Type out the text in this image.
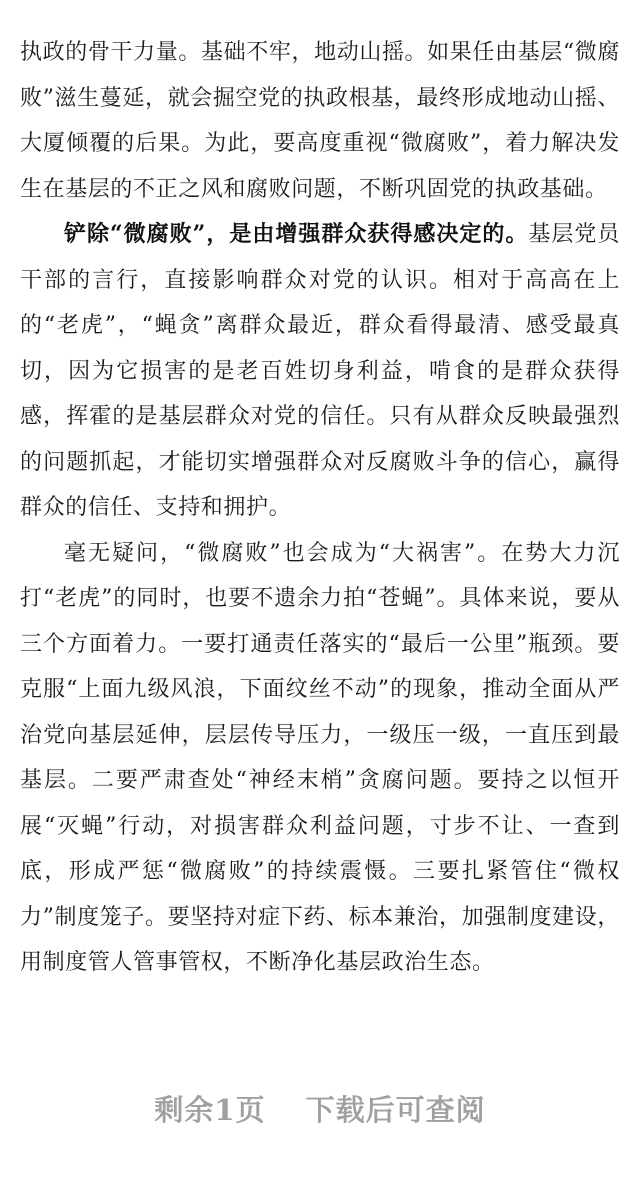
执政的骨干力量。基础不牢，地动山摇。如果任由基层“微腐败”滋生蔓延，就会掘空党的执政根基，最终形成地动山摇、大厦倾覆的后果。为此，要高度重视“微腐败”，着力解决发生在基层的不正之风和腐败问题，不断巩固党的执政基础。

铲除“微腐败”，是由增强群众获得感决定的。基层党员干部的言行，直接影响群众对党的认识。相对于高高在上的“老虎”，“蝇贪”离群众最近，群众看得最清、感受最真切，因为它损害的是老百姓切身利益，啃食的是群众获得感，挥霍的是基层群众对党的信任。只有从群众反映最强烈的问题抓起，才能切实增强群众对反腐败斗争的信心，赢得群众的信任、支持和拥护。

毫无疑问，“微腐败”也会成为“大祸害”。在势大力沉打“老虎”的同时，也要不遗余力拍“苍蝇”。具体来说，要从三个方面着力。一要打通责任落实的“最后一公里”瓶颈。要克服“上面九级风浪，下面纹丝不动”的现象，推动全面从严治党向基层延伸，层层传导压力，一级压一级，一直压到最基层。二要严肃查处“神经末梢”贪腐问题。要持之以恒开展“灭蝇”行动，对损害群众利益问题，寸步不让、一查到底，形成严惩“微腐败”的持续震慑。三要扎紧管住“微权力”制度笼子。要坚持对症下药、标本兼治，加强制度建设，用制度管人管事管权，不断净化基层政治生态。

剩余1页 下载后可查阅
